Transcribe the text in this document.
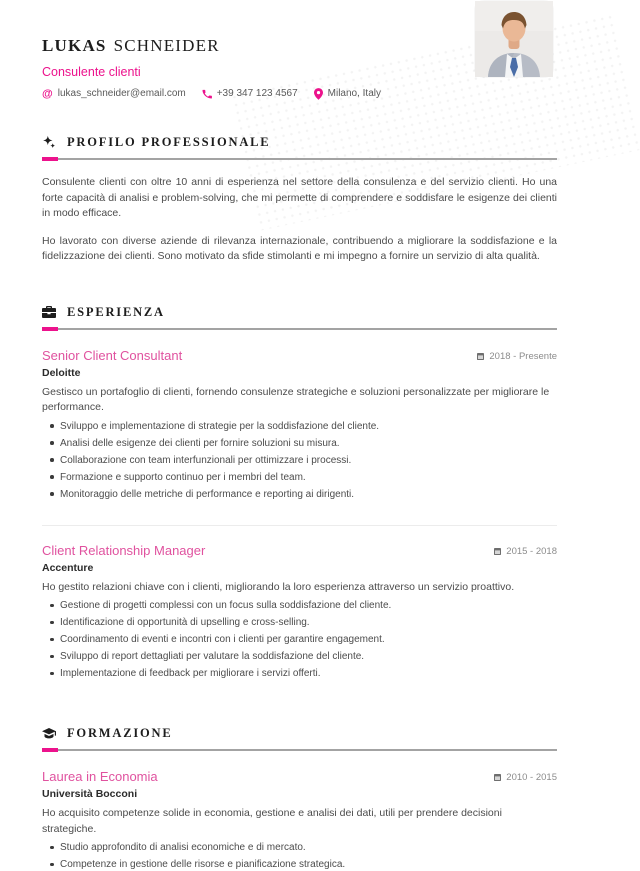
LUKAS SCHNEIDER
Consulente clienti
@ lukas_schneider@email.com	+39 347 123 4567	Milano, Italy
PROFILO PROFESSIONALE

Consulente clienti con oltre 10 anni di esperienza nel settore della consulenza e del servizio clienti. Ho una forte capacità di analisi e problem-solving, che mi permette di comprendere e soddisfare le esigenze dei clienti in modo efficace.

Ho lavorato con diverse aziende di rilevanza internazionale, contribuendo a migliorare la soddisfazione e la fidelizzazione dei clienti. Sono motivato da sfide stimolanti e mi impegno a fornire un servizio di alta qualità.

ESPERIENZA
Senior Client Consultant	2018 - Presente
Deloitte
Gestisco un portafoglio di clienti, fornendo consulenze strategiche e soluzioni personalizzate per migliorare le performance.
Sviluppo e implementazione di strategie per la soddisfazione del cliente.
Analisi delle esigenze dei clienti per fornire soluzioni su misura.
Collaborazione con team interfunzionali per ottimizzare i processi.
Formazione e supporto continuo per i membri del team.
Monitoraggio delle metriche di performance e reporting ai dirigenti.
Client Relationship Manager	2015 - 2018
Accenture
Ho gestito relazioni chiave con i clienti, migliorando la loro esperienza attraverso un servizio proattivo.
Gestione di progetti complessi con un focus sulla soddisfazione del cliente.
Identificazione di opportunità di upselling e cross-selling.
Coordinamento di eventi e incontri con i clienti per garantire engagement.
Sviluppo di report dettagliati per valutare la soddisfazione del cliente.
Implementazione di feedback per migliorare i servizi offerti.
FORMAZIONE
Laurea in Economia	2010 - 2015
Università Bocconi
Ho acquisito competenze solide in economia, gestione e analisi dei dati, utili per prendere decisioni strategiche.
Studio approfondito di analisi economiche e di mercato.
Competenze in gestione delle risorse e pianificazione strategica.
